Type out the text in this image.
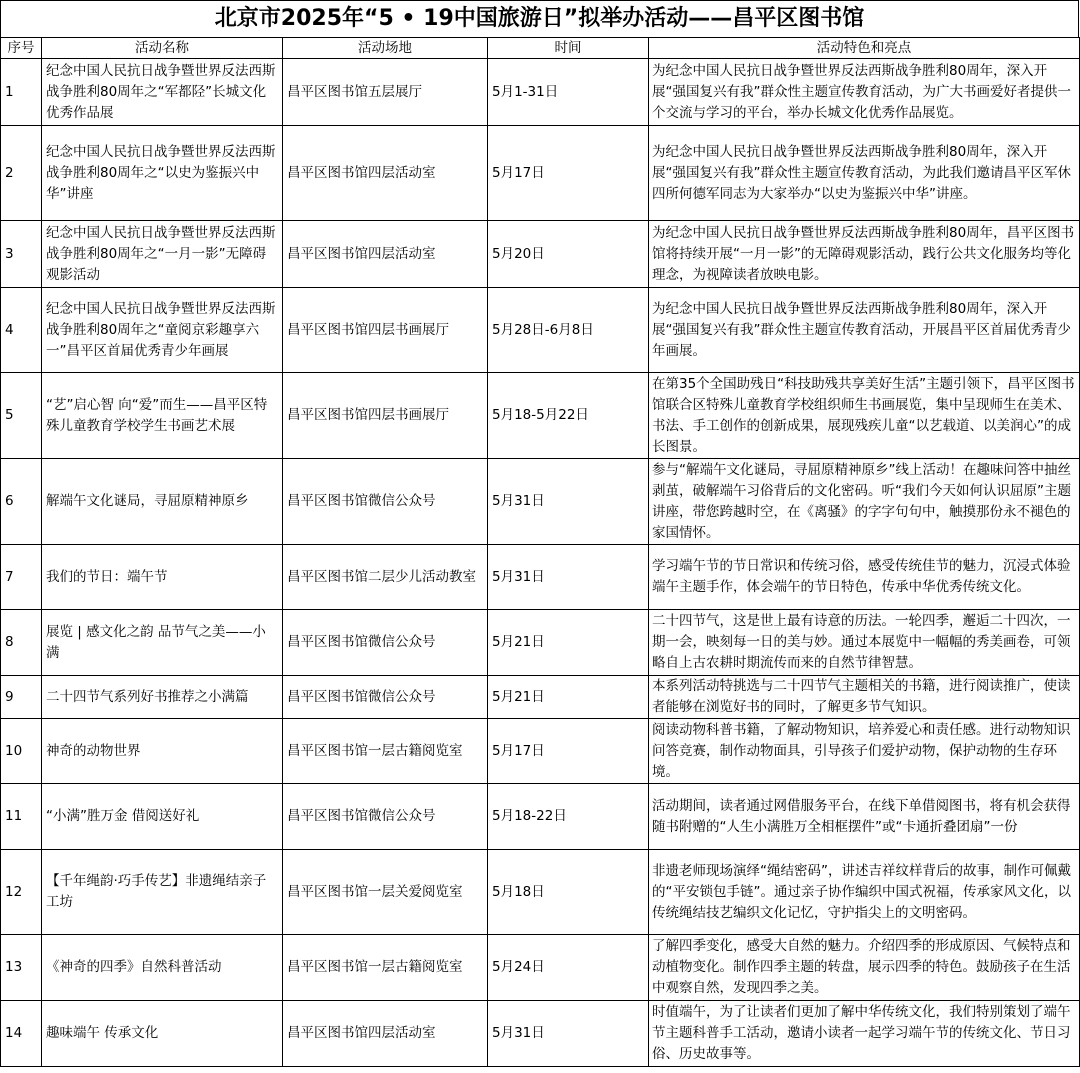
北京市2025年“5 • 19中国旅游日”拟举办活动——昌平区图书馆
序号	活动名称	活动场地	时间	活动特色和亮点
1	纪念中国人民抗日战争暨世界反法西斯战争胜利80周年之“军都陉”长城文化优秀作品展	昌平区图书馆五层展厅	5月1-31日	为纪念中国人民抗日战争暨世界反法西斯战争胜利80周年，深入开展“强国复兴有我”群众性主题宣传教育活动，为广大书画爱好者提供一个交流与学习的平台，举办长城文化优秀作品展览。
2	纪念中国人民抗日战争暨世界反法西斯战争胜利80周年之“以史为鉴振兴中华”讲座	昌平区图书馆四层活动室	5月17日	为纪念中国人民抗日战争暨世界反法西斯战争胜利80周年，深入开展“强国复兴有我”群众性主题宣传教育活动，为此我们邀请昌平区军休四所何德军同志为大家举办“以史为鉴振兴中华”讲座。
3	纪念中国人民抗日战争暨世界反法西斯战争胜利80周年之“一月一影”无障碍观影活动	昌平区图书馆四层活动室	5月20日	为纪念中国人民抗日战争暨世界反法西斯战争胜利80周年，昌平区图书馆将持续开展“一月一影”的无障碍观影活动，践行公共文化服务均等化理念，为视障读者放映电影。
4	纪念中国人民抗日战争暨世界反法西斯战争胜利80周年之“童阅京彩趣享六一”昌平区首届优秀青少年画展	昌平区图书馆四层书画展厅	5月28日-6月8日	为纪念中国人民抗日战争暨世界反法西斯战争胜利80周年，深入开展“强国复兴有我”群众性主题宣传教育活动，开展昌平区首届优秀青少年画展。
5	“艺”启心智 向“爱”而生——昌平区特殊儿童教育学校学生书画艺术展	昌平区图书馆四层书画展厅	5月18-5月22日	在第35个全国助残日“科技助残共享美好生活”主题引领下，昌平区图书馆联合区特殊儿童教育学校组织师生书画展览，集中呈现师生在美术、书法、手工创作的创新成果，展现残疾儿童“以艺载道、以美润心”的成长图景。
6	解端午文化谜局，寻屈原精神原乡	昌平区图书馆微信公众号	5月31日	参与“解端午文化谜局，寻屈原精神原乡”线上活动！在趣味问答中抽丝剥茧，破解端午习俗背后的文化密码。听“我们今天如何认识屈原”主题讲座，带您跨越时空，在《离骚》的字字句句中，触摸那份永不褪色的家国情怀。
7	我们的节日：端午节	昌平区图书馆二层少儿活动教室	5月31日	学习端午节的节日常识和传统习俗，感受传统佳节的魅力，沉浸式体验端午主题手作，体会端午的节日特色，传承中华优秀传统文化。
8	展览 | 感文化之韵 品节气之美——小满	昌平区图书馆微信公众号	5月21日	二十四节气，这是世上最有诗意的历法。一轮四季，邂逅二十四次，一期一会，映刻每一日的美与妙。通过本展览中一幅幅的秀美画卷，可领略自上古农耕时期流传而来的自然节律智慧。
9	二十四节气系列好书推荐之小满篇	昌平区图书馆微信公众号	5月21日	本系列活动特挑选与二十四节气主题相关的书籍，进行阅读推广，使读者能够在浏览好书的同时，了解更多节气知识。
10	神奇的动物世界	昌平区图书馆一层古籍阅览室	5月17日	阅读动物科普书籍，了解动物知识，培养爱心和责任感。进行动物知识问答竞赛，制作动物面具，引导孩子们爱护动物，保护动物的生存环境。
11	“小满”胜万金 借阅送好礼	昌平区图书馆微信公众号	5月18-22日	活动期间，读者通过网借服务平台，在线下单借阅图书，将有机会获得随书附赠的“人生小满胜万全相框摆件”或“卡通折叠团扇”一份
12	【千年绳韵·巧手传艺】非遗绳结亲子工坊	昌平区图书馆一层关爱阅览室	5月18日	非遗老师现场演绎“绳结密码”，讲述吉祥纹样背后的故事，制作可佩戴的“平安锁包手链”。通过亲子协作编织中国式祝福，传承家风文化，以传统绳结技艺编织文化记忆，守护指尖上的文明密码。
13	《神奇的四季》自然科普活动	昌平区图书馆一层古籍阅览室	5月24日	了解四季变化，感受大自然的魅力。介绍四季的形成原因、气候特点和动植物变化。制作四季主题的转盘，展示四季的特色。鼓励孩子在生活中观察自然，发现四季之美。
14	趣味端午 传承文化	昌平区图书馆四层活动室	5月31日	时值端午，为了让读者们更加了解中华传统文化，我们特别策划了端午节主题科普手工活动，邀请小读者一起学习端午节的传统文化、节日习俗、历史故事等。
